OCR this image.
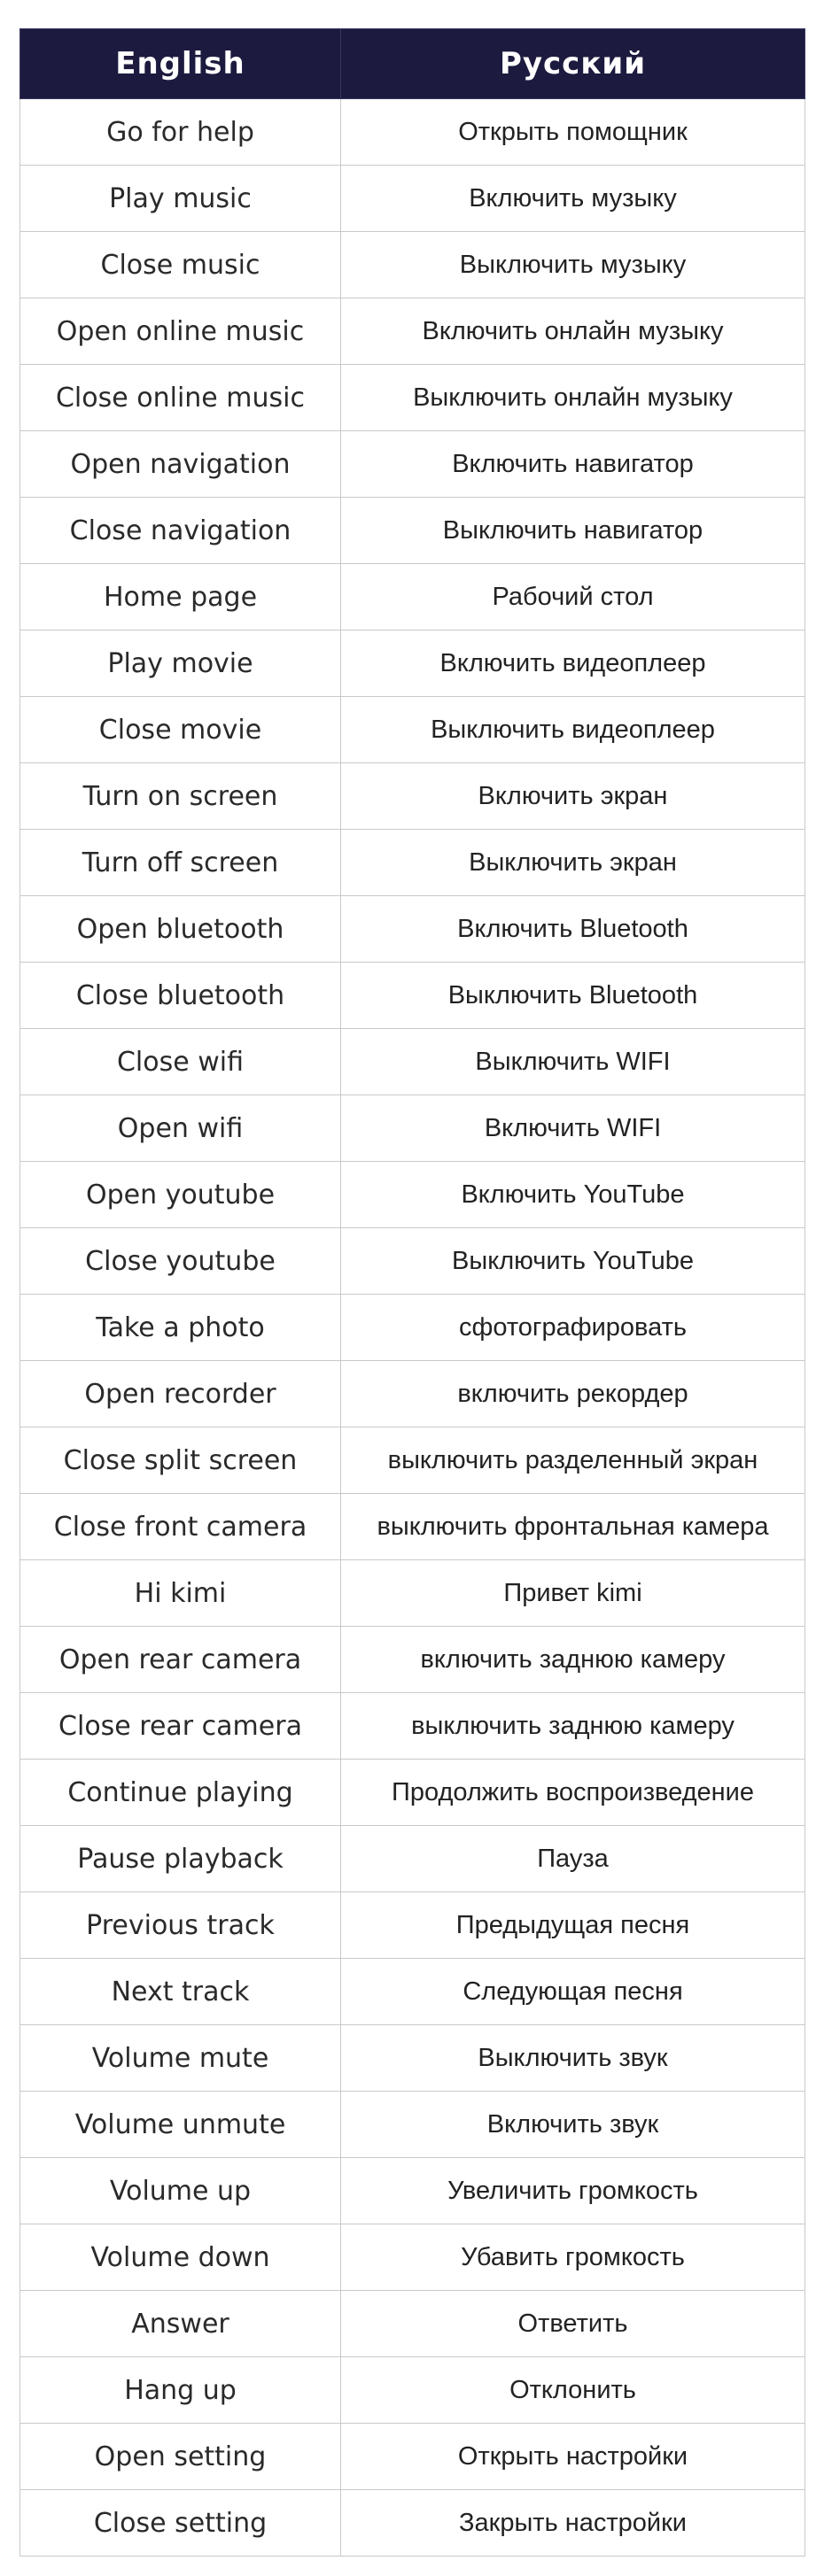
English	Русский
Go for help	Открыть помощник
Play music	Включить музыку
Close music	Выключить музыку
Open online music	Включить онлайн музыку
Close online music	Выключить онлайн музыку
Open navigation	Включить навигатор
Close navigation	Выключить навигатор
Home page	Рабочий стол
Play movie	Включить видеоплеер
Close movie	Выключить видеоплеер
Turn on screen	Включить экран
Turn off screen	Выключить экран
Open bluetooth	Включить Bluetooth
Close bluetooth	Выключить Bluetooth
Close wifi	Выключить WIFI
Open wifi	Включить WIFI
Open youtube	Включить YouTube
Close youtube	Выключить YouTube
Take a photo	сфотографировать
Open recorder	включить рекордер
Close split screen	выключить разделенный экран
Close front camera	выключить фронтальная камера
Hi kimi	Привет kimi
Open rear camera	включить заднюю камеру
Close rear camera	выключить заднюю камеру
Continue playing	Продолжить воспроизведение
Pause playback	Пауза
Previous track	Предыдущая песня
Next track	Следующая песня
Volume mute	Выключить звук
Volume unmute	Включить звук
Volume up	Увеличить громкость
Volume down	Убавить громкость
Answer	Ответить
Hang up	Отклонить
Open setting	Открыть настройки
Close setting	Закрыть настройки
